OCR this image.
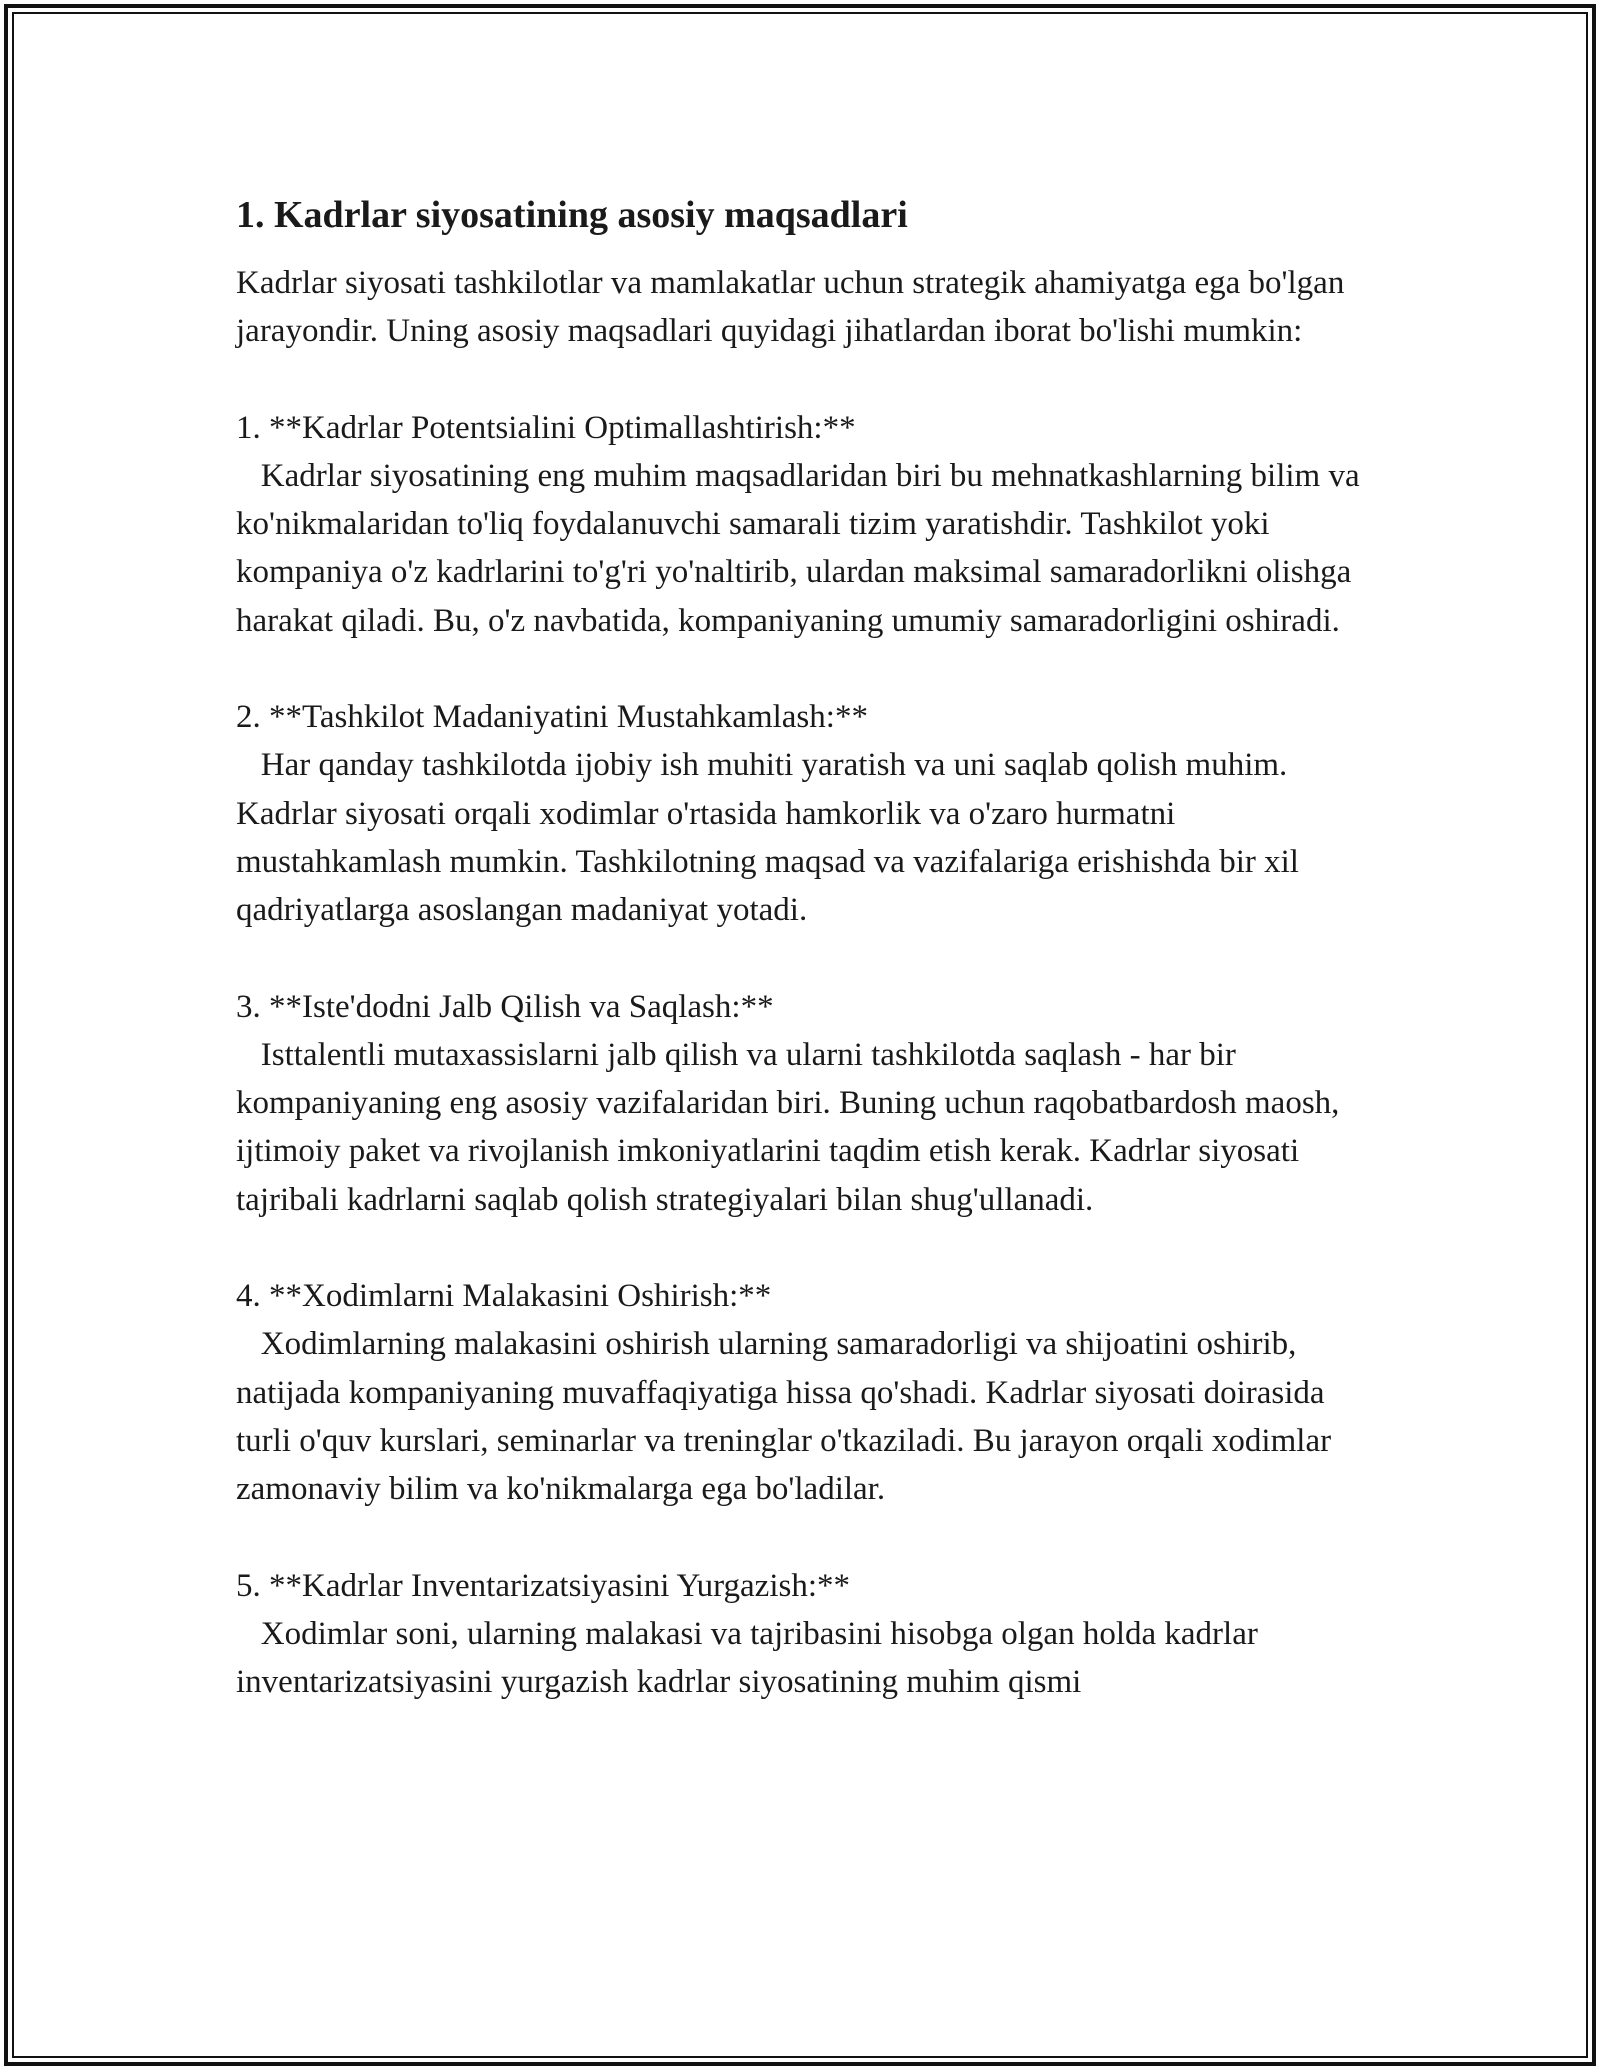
1. Kadrlar siyosatining asosiy maqsadlari

Kadrlar siyosati tashkilotlar va mamlakatlar uchun strategik ahamiyatga ega bo'lgan jarayondir. Uning asosiy maqsadlari quyidagi jihatlardan iborat bo'lishi mumkin:

1. **Kadrlar Potentsialini Optimallashtirish:**

Kadrlar siyosatining eng muhim maqsadlaridan biri bu mehnatkashlarning bilim va ko'nikmalaridan to'liq foydalanuvchi samarali tizim yaratishdir. Tashkilot yoki kompaniya o'z kadrlarini to'g'ri yo'naltirib, ulardan maksimal samaradorlikni olishga harakat qiladi. Bu, o'z navbatida, kompaniyaning umumiy samaradorligini oshiradi.

2. **Tashkilot Madaniyatini Mustahkamlash:**

Har qanday tashkilotda ijobiy ish muhiti yaratish va uni saqlab qolish muhim. Kadrlar siyosati orqali xodimlar o'rtasida hamkorlik va o'zaro hurmatni mustahkamlash mumkin. Tashkilotning maqsad va vazifalariga erishishda bir xil qadriyatlarga asoslangan madaniyat yotadi.

3. **Iste'dodni Jalb Qilish va Saqlash:**

Isttalentli mutaxassislarni jalb qilish va ularni tashkilotda saqlash - har bir kompaniyaning eng asosiy vazifalaridan biri. Buning uchun raqobatbardosh maosh, ijtimoiy paket va rivojlanish imkoniyatlarini taqdim etish kerak. Kadrlar siyosati tajribali kadrlarni saqlab qolish strategiyalari bilan shug'ullanadi.

4. **Xodimlarni Malakasini Oshirish:**

Xodimlarning malakasini oshirish ularning samaradorligi va shijoatini oshirib, natijada kompaniyaning muvaffaqiyatiga hissa qo'shadi. Kadrlar siyosati doirasida turli o'quv kurslari, seminarlar va treninglar o'tkaziladi. Bu jarayon orqali xodimlar zamonaviy bilim va ko'nikmalarga ega bo'ladilar.

5. **Kadrlar Inventarizatsiyasini Yurgazish:**

Xodimlar soni, ularning malakasi va tajribasini hisobga olgan holda kadrlar inventarizatsiyasini yurgazish kadrlar siyosatining muhim qismi
